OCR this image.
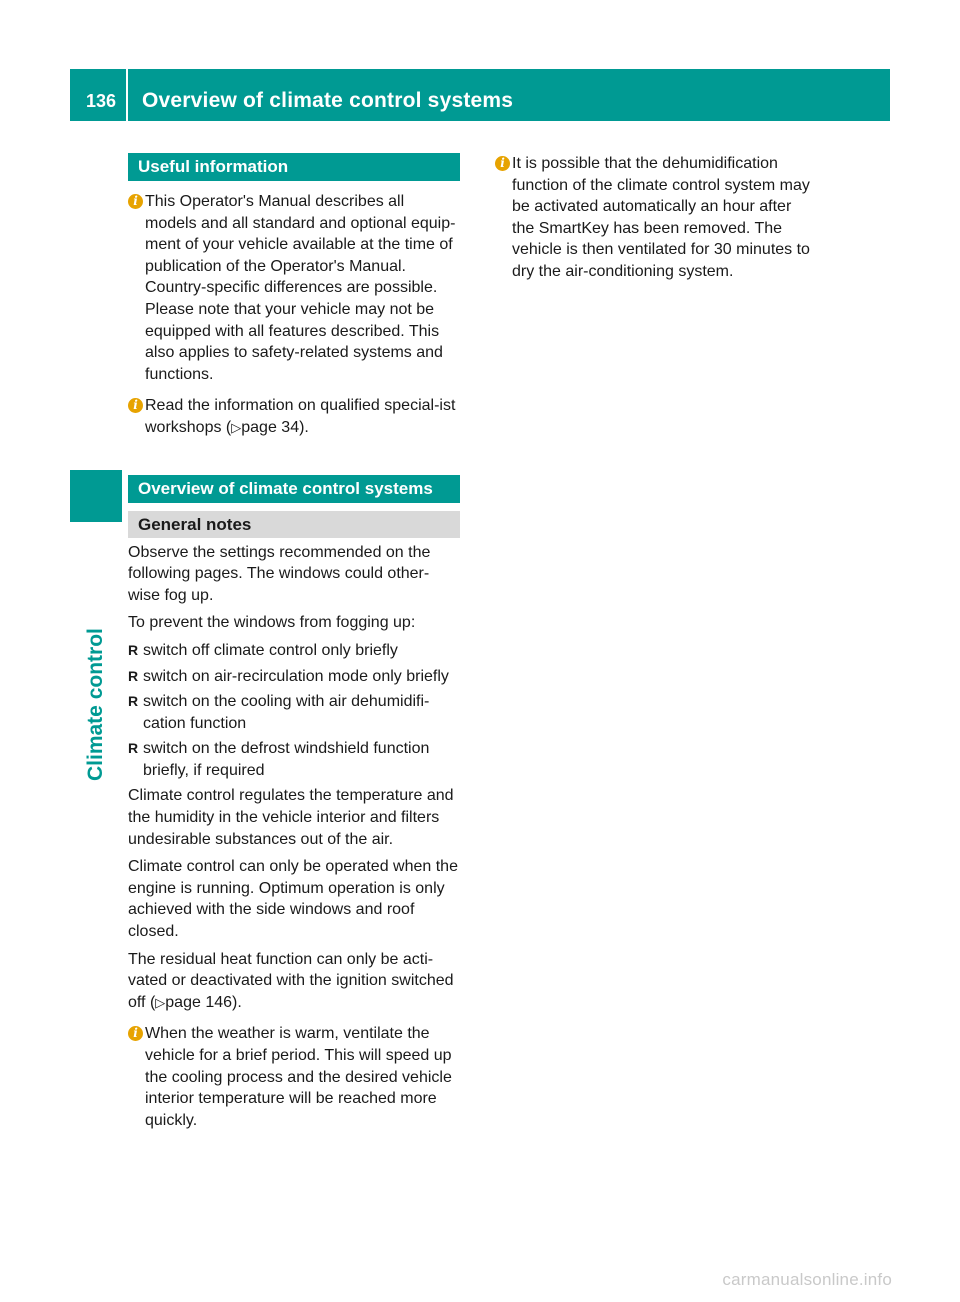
136 Overview of climate control systems
Climate control
Useful information
i This Operator's Manual describes all models and all standard and optional equip-ment of your vehicle available at the time of publication of the Operator's Manual. Country-specific differences are possible. Please note that your vehicle may not be equipped with all features described. This also applies to safety-related systems and functions.
i Read the information on qualified special-ist workshops (▷page 34).
Overview of climate control systems
General notes

Observe the settings recommended on the following pages. The windows could other-wise fog up.

To prevent the windows from fogging up:

R switch off climate control only briefly
R switch on air-recirculation mode only briefly
R switch on the cooling with air dehumidifi-cation function
R switch on the defrost windshield function briefly, if required

Climate control regulates the temperature and the humidity in the vehicle interior and filters undesirable substances out of the air.

Climate control can only be operated when the engine is running. Optimum operation is only achieved with the side windows and roof closed.

The residual heat function can only be acti-vated or deactivated with the ignition switched off (▷page 146).

i When the weather is warm, ventilate the vehicle for a brief period. This will speed up the cooling process and the desired vehicle interior temperature will be reached more quickly.
i It is possible that the dehumidification function of the climate control system may be activated automatically an hour after the SmartKey has been removed. The vehicle is then ventilated for 30 minutes to dry the air-conditioning system.
carmanualsonline.info
